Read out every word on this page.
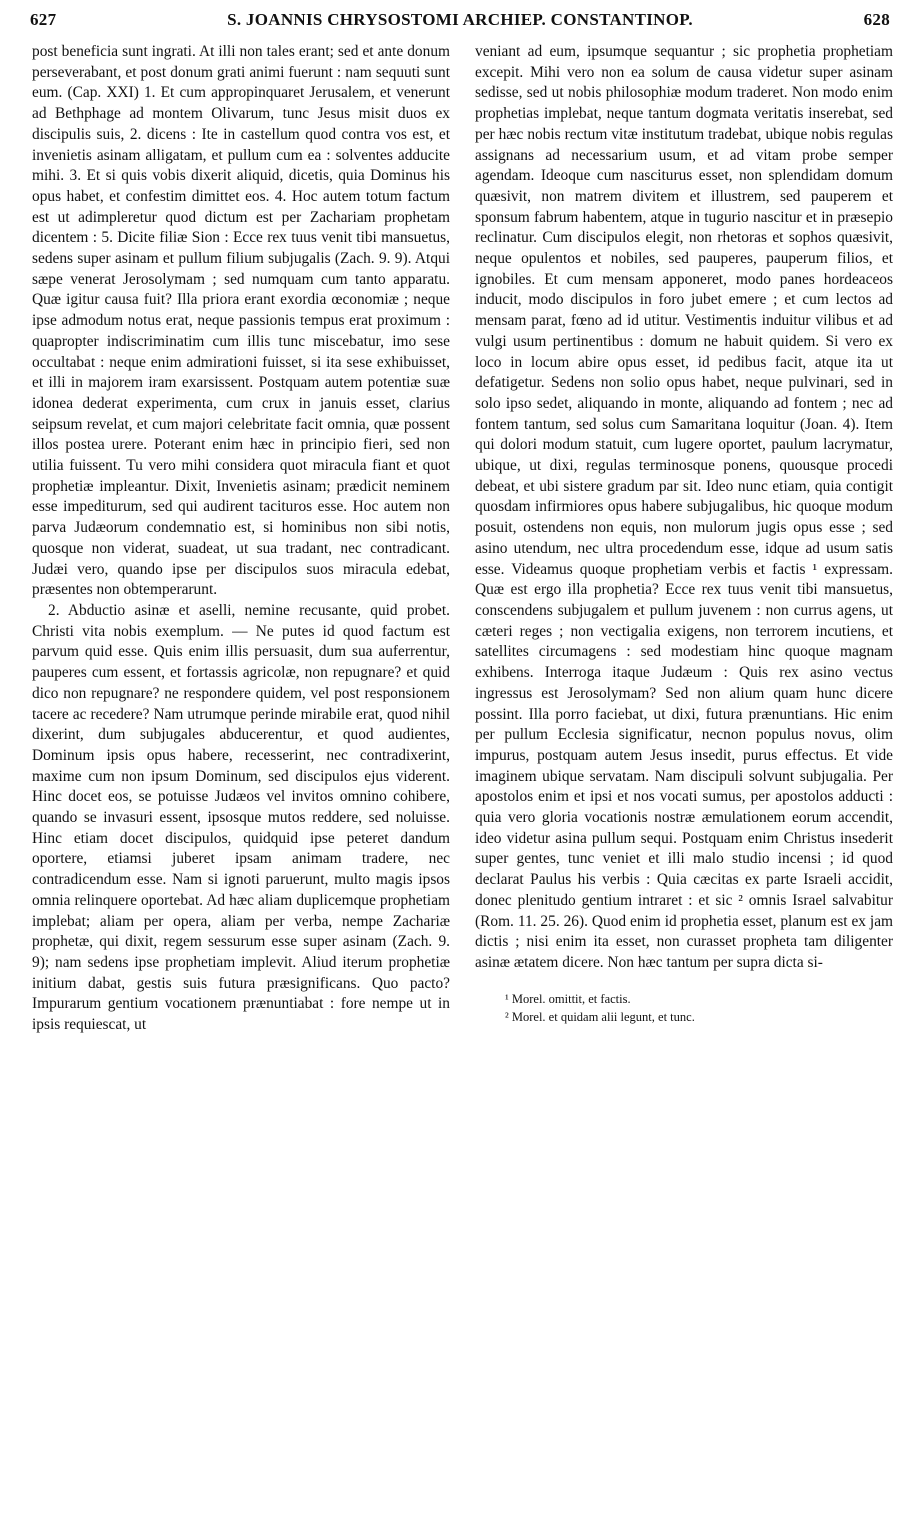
627	S. JOANNIS CHRYSOSTOMI ARCHIEP. CONSTANTINOP.	628

post beneficia sunt ingrati. At illi non tales erant; sed et ante donum perseverabant, et post donum grati animi fuerunt : nam sequuti sunt eum. (Cap. XXI) 1. Et cum appropinquaret Jerusalem, et venerunt ad Bethphage ad montem Olivarum, tunc Jesus misit duos ex discipulis suis, 2. dicens : Ite in castellum quod contra vos est, et invenietis asinam alligatam, et pullum cum ea : solventes adducite mihi. 3. Et si quis vobis dixerit aliquid, dicetis, quia Dominus his opus habet, et confestim dimittet eos. 4. Hoc autem totum factum est ut adimpleretur quod dictum est per Zachariam prophetam dicentem : 5. Dicite filiæ Sion : Ecce rex tuus venit tibi mansuetus, sedens super asinam et pullum filium subjugalis (Zach. 9. 9). Atqui sæpe venerat Jerosolymam ; sed numquam cum tanto apparatu. Quæ igitur causa fuit? Illa priora erant exordia œconomiæ ; neque ipse admodum notus erat, neque passionis tempus erat proximum : quapropter indiscriminatim cum illis tunc miscebatur, imo sese occultabat : neque enim admirationi fuisset, si ita sese exhibuisset, et illi in majorem iram exarsissent. Postquam autem potentiæ suæ idonea dederat experimenta, cum crux in januis esset, clarius seipsum revelat, et cum majori celebritate facit omnia, quæ possent illos postea urere. Poterant enim hæc in principio fieri, sed non utilia fuissent. Tu vero mihi considera quot miracula fiant et quot prophetiæ impleantur. Dixit, Invenietis asinam; prædicit neminem esse impediturum, sed qui audirent tacituros esse. Hoc autem non parva Judæorum condemnatio est, si hominibus non sibi notis, quosque non viderat, suadeat, ut sua tradant, nec contradicant. Judæi vero, quando ipse per discipulos suos miracula edebat, præsentes non obtemperarunt.

2. Abductio asinæ et aselli, nemine recusante, quid probet. Christi vita nobis exemplum. — Ne putes id quod factum est parvum quid esse. Quis enim illis persuasit, dum sua auferrentur, pauperes cum essent, et fortassis agricolæ, non repugnare? et quid dico non repugnare? ne respondere quidem, vel post responsionem tacere ac recedere? Nam utrumque perinde mirabile erat, quod nihil dixerint, dum subjugales abducerentur, et quod audientes, Dominum ipsis opus habere, recesserint, nec contradixerint, maxime cum non ipsum Dominum, sed discipulos ejus viderent. Hinc docet eos, se potuisse Judæos vel invitos omnino cohibere, quando se invasuri essent, ipsosque mutos reddere, sed noluisse. Hinc etiam docet discipulos, quidquid ipse peteret dandum oportere, etiamsi juberet ipsam animam tradere, nec contradicendum esse. Nam si ignoti paruerunt, multo magis ipsos omnia relinquere oportebat. Ad hæc aliam duplicemque prophetiam implebat; aliam per opera, aliam per verba, nempe Zachariæ prophetæ, qui dixit, regem sessurum esse super asinam (Zach. 9. 9); nam sedens ipse prophetiam implevit. Aliud iterum prophetiæ initium dabat, gestis suis futura præsignificans. Quo pacto? Impurarum gentium vocationem prænuntiabat : fore nempe ut in ipsis requiescat, ut

veniant ad eum, ipsumque sequantur ; sic prophetia prophetiam excepit. Mihi vero non ea solum de causa videtur super asinam sedisse, sed ut nobis philosophiæ modum traderet. Non modo enim prophetias implebat, neque tantum dogmata veritatis inserebat, sed per hæc nobis rectum vitæ institutum tradebat, ubique nobis regulas assignans ad necessarium usum, et ad vitam probe semper agendam. Ideoque cum nasciturus esset, non splendidam domum quæsivit, non matrem divitem et illustrem, sed pauperem et sponsum fabrum habentem, atque in tugurio nascitur et in præsepio reclinatur. Cum discipulos elegit, non rhetoras et sophos quæsivit, neque opulentos et nobiles, sed pauperes, pauperum filios, et ignobiles. Et cum mensam apponeret, modo panes hordeaceos inducit, modo discipulos in foro jubet emere ; et cum lectos ad mensam parat, fœno ad id utitur. Vestimentis induitur vilibus et ad vulgi usum pertinentibus : domum ne habuit quidem. Si vero ex loco in locum abire opus esset, id pedibus facit, atque ita ut defatigetur. Sedens non solio opus habet, neque pulvinari, sed in solo ipso sedet, aliquando in monte, aliquando ad fontem ; nec ad fontem tantum, sed solus cum Samaritana loquitur (Joan. 4). Item qui dolori modum statuit, cum lugere oportet, paulum lacrymatur, ubique, ut dixi, regulas terminosque ponens, quousque procedi debeat, et ubi sistere gradum par sit. Ideo nunc etiam, quia contigit quosdam infirmiores opus habere subjugalibus, hic quoque modum posuit, ostendens non equis, non mulorum jugis opus esse ; sed asino utendum, nec ultra procedendum esse, idque ad usum satis esse. Videamus quoque prophetiam verbis et factis ¹ expressam. Quæ est ergo illa prophetia? Ecce rex tuus venit tibi mansuetus, conscendens subjugalem et pullum juvenem : non currus agens, ut cæteri reges ; non vectigalia exigens, non terrorem incutiens, et satellites circumagens : sed modestiam hinc quoque magnam exhibens. Interroga itaque Judæum : Quis rex asino vectus ingressus est Jerosolymam? Sed non alium quam hunc dicere possint. Illa porro faciebat, ut dixi, futura prænuntians. Hic enim per pullum Ecclesia significatur, necnon populus novus, olim impurus, postquam autem Jesus insedit, purus effectus. Et vide imaginem ubique servatam. Nam discipuli solvunt subjugalia. Per apostolos enim et ipsi et nos vocati sumus, per apostolos adducti : quia vero gloria vocationis nostræ æmulationem eorum accendit, ideo videtur asina pullum sequi. Postquam enim Christus insederit super gentes, tunc veniet et illi malo studio incensi ; id quod declarat Paulus his verbis : Quia cæcitas ex parte Israeli accidit, donec plenitudo gentium intraret : et sic ² omnis Israel salvabitur (Rom. 11. 25. 26). Quod enim id prophetia esset, planum est ex jam dictis ; nisi enim ita esset, non curasset propheta tam diligenter asinæ ætatem dicere. Non hæc tantum per supra dicta si-

¹ Morel. omittit, et factis.
² Morel. et quidam alii legunt, et tunc.
